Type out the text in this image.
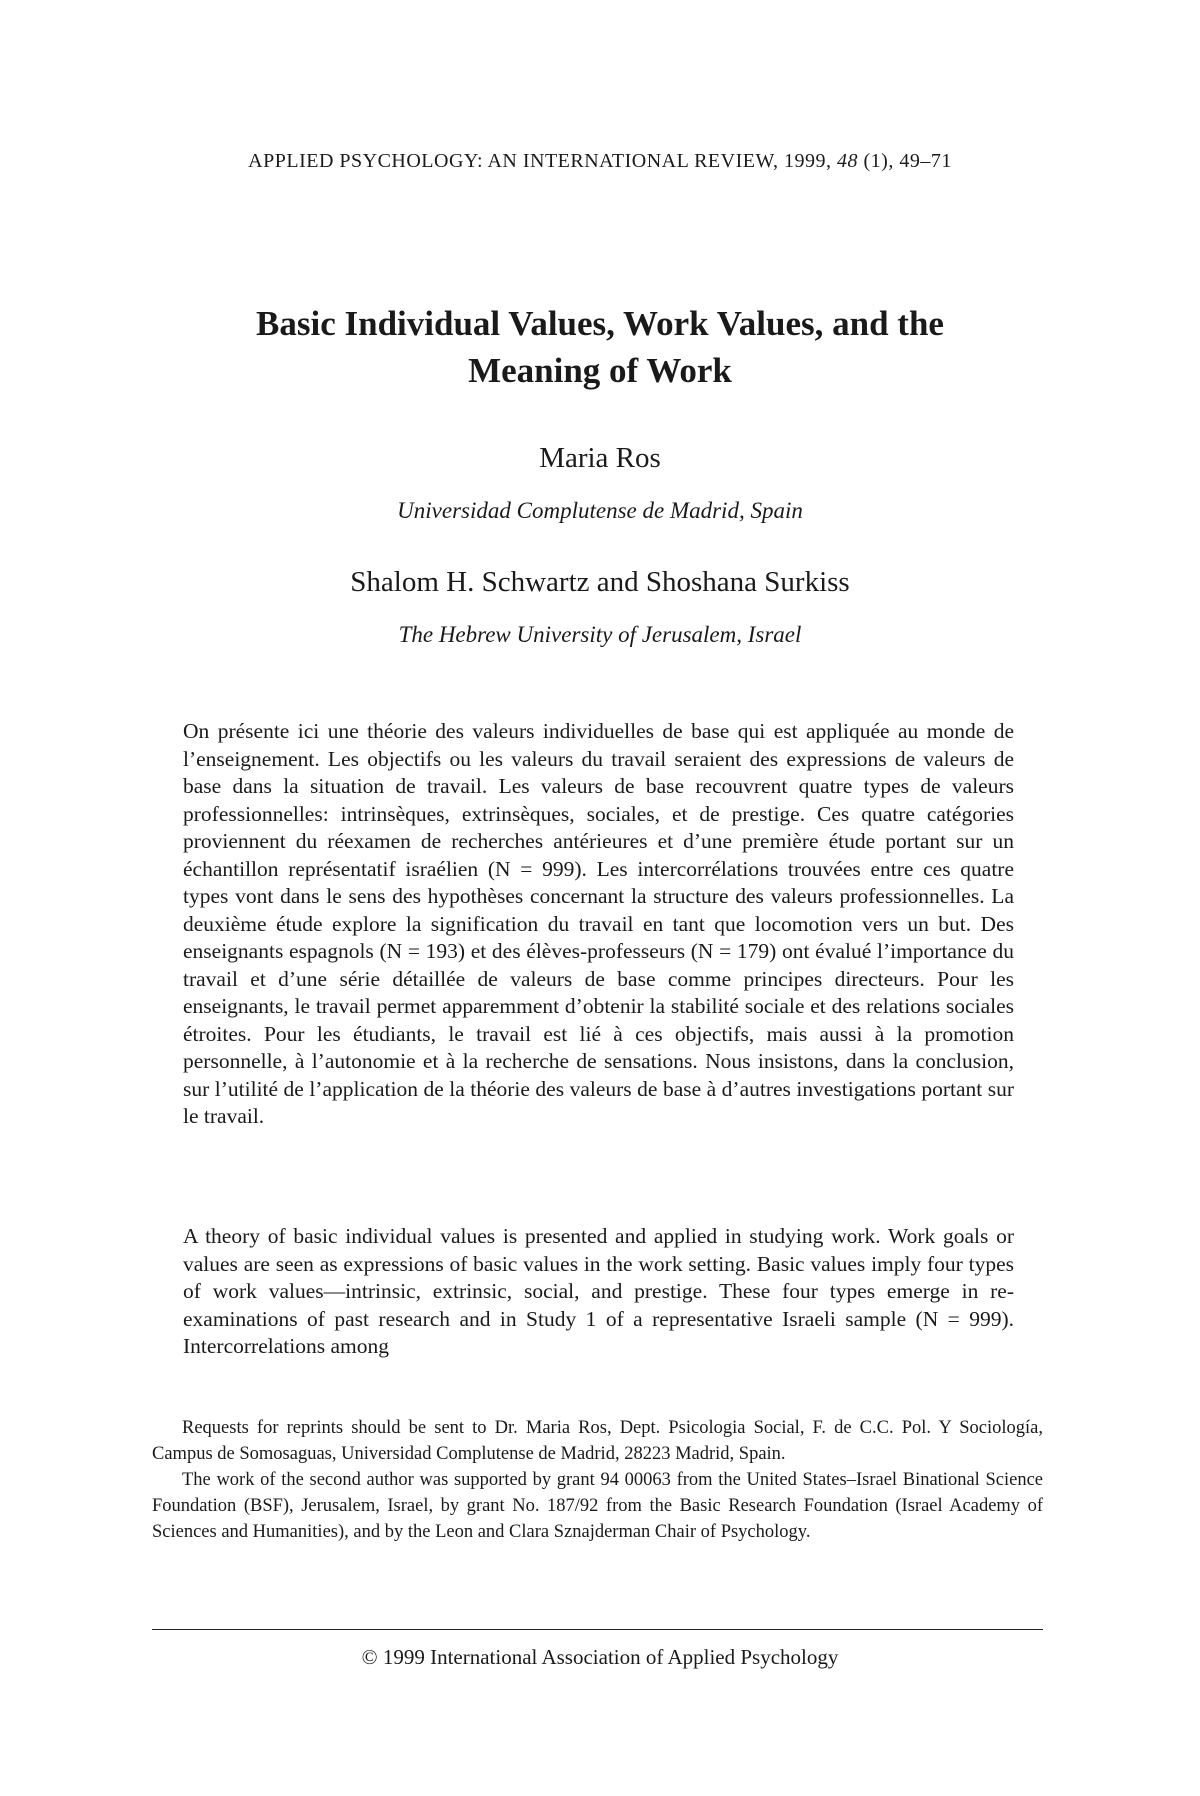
APPLIED PSYCHOLOGY: AN INTERNATIONAL REVIEW, 1999, 48 (1), 49–71
Basic Individual Values, Work Values, and the
Meaning of Work
Maria Ros
Universidad Complutense de Madrid, Spain
Shalom H. Schwartz and Shoshana Surkiss
The Hebrew University of Jerusalem, Israel

On présente ici une théorie des valeurs individuelles de base qui est appliquée au monde de l’enseignement. Les objectifs ou les valeurs du travail seraient des expressions de valeurs de base dans la situation de travail. Les valeurs de base recouvrent quatre types de valeurs professionnelles: intrinsèques, extrinsèques, sociales, et de prestige. Ces quatre catégories proviennent du réexamen de recherches antérieures et d’une première étude portant sur un échantillon représentatif israélien (N = 999). Les intercorrélations trouvées entre ces quatre types vont dans le sens des hypothèses concernant la structure des valeurs professionnelles. La deuxième étude explore la signification du travail en tant que locomotion vers un but. Des enseignants espagnols (N = 193) et des élèves-professeurs (N = 179) ont évalué l’importance du travail et d’une série détaillée de valeurs de base comme principes directeurs. Pour les enseignants, le travail permet apparemment d’obtenir la stabilité sociale et des relations sociales étroites. Pour les étudiants, le travail est lié à ces objectifs, mais aussi à la promotion personnelle, à l’autonomie et à la recherche de sensations. Nous insistons, dans la conclusion, sur l’utilité de l’application de la théorie des valeurs de base à d’autres investigations portant sur le travail.

A theory of basic individual values is presented and applied in studying work. Work goals or values are seen as expressions of basic values in the work setting. Basic values imply four types of work values—intrinsic, extrinsic, social, and prestige. These four types emerge in re-examinations of past research and in Study 1 of a representative Israeli sample (N = 999). Intercorrelations among

Requests for reprints should be sent to Dr. Maria Ros, Dept. Psicologia Social, F. de C.C. Pol. Y Sociología, Campus de Somosaguas, Universidad Complutense de Madrid, 28223 Madrid, Spain.

The work of the second author was supported by grant 94 00063 from the United States–Israel Binational Science Foundation (BSF), Jerusalem, Israel, by grant No. 187/92 from the Basic Research Foundation (Israel Academy of Sciences and Humanities), and by the Leon and Clara Sznajderman Chair of Psychology.

© 1999 International Association of Applied Psychology
